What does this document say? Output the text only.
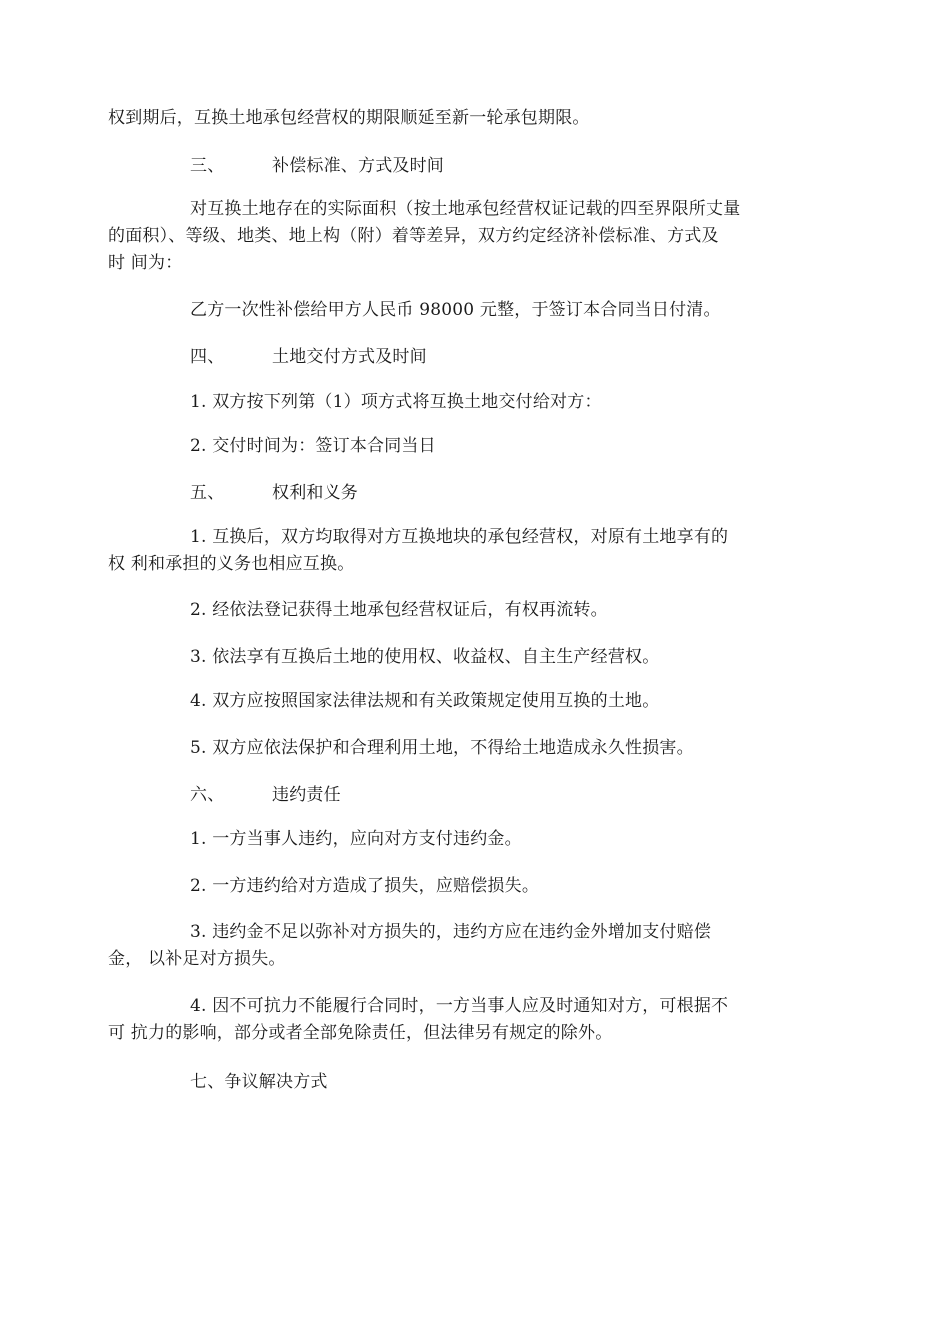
权到期后，互换土地承包经营权的期限顺延至新一轮承包期限。
三、	补偿标准、方式及时间
对互换土地存在的实际面积（按土地承包经营权证记载的四至界限所丈量
的面积）、等级、地类、地上构（附）着等差异，双方约定经济补偿标准、方式及
时 间为：
乙方一次性补偿给甲方人民币 98000 元整，于签订本合同当日付清。
四、	土地交付方式及时间
1. 双方按下列第（1）项方式将互换土地交付给对方：
2. 交付时间为：签订本合同当日
五、	权利和义务
1. 互换后，双方均取得对方互换地块的承包经营权，对原有土地享有的
权 利和承担的义务也相应互换。
2. 经依法登记获得土地承包经营权证后，有权再流转。
3. 依法享有互换后土地的使用权、收益权、自主生产经营权。
4. 双方应按照国家法律法规和有关政策规定使用互换的土地。
5. 双方应依法保护和合理利用土地，不得给土地造成永久性损害。
六、	违约责任
1. 一方当事人违约，应向对方支付违约金。
2. 一方违约给对方造成了损失，应赔偿损失。
3. 违约金不足以弥补对方损失的，违约方应在违约金外增加支付赔偿
金， 以补足对方损失。
4. 因不可抗力不能履行合同时，一方当事人应及时通知对方，可根据不
可 抗力的影响，部分或者全部免除责任，但法律另有规定的除外。
七、争议解决方式
